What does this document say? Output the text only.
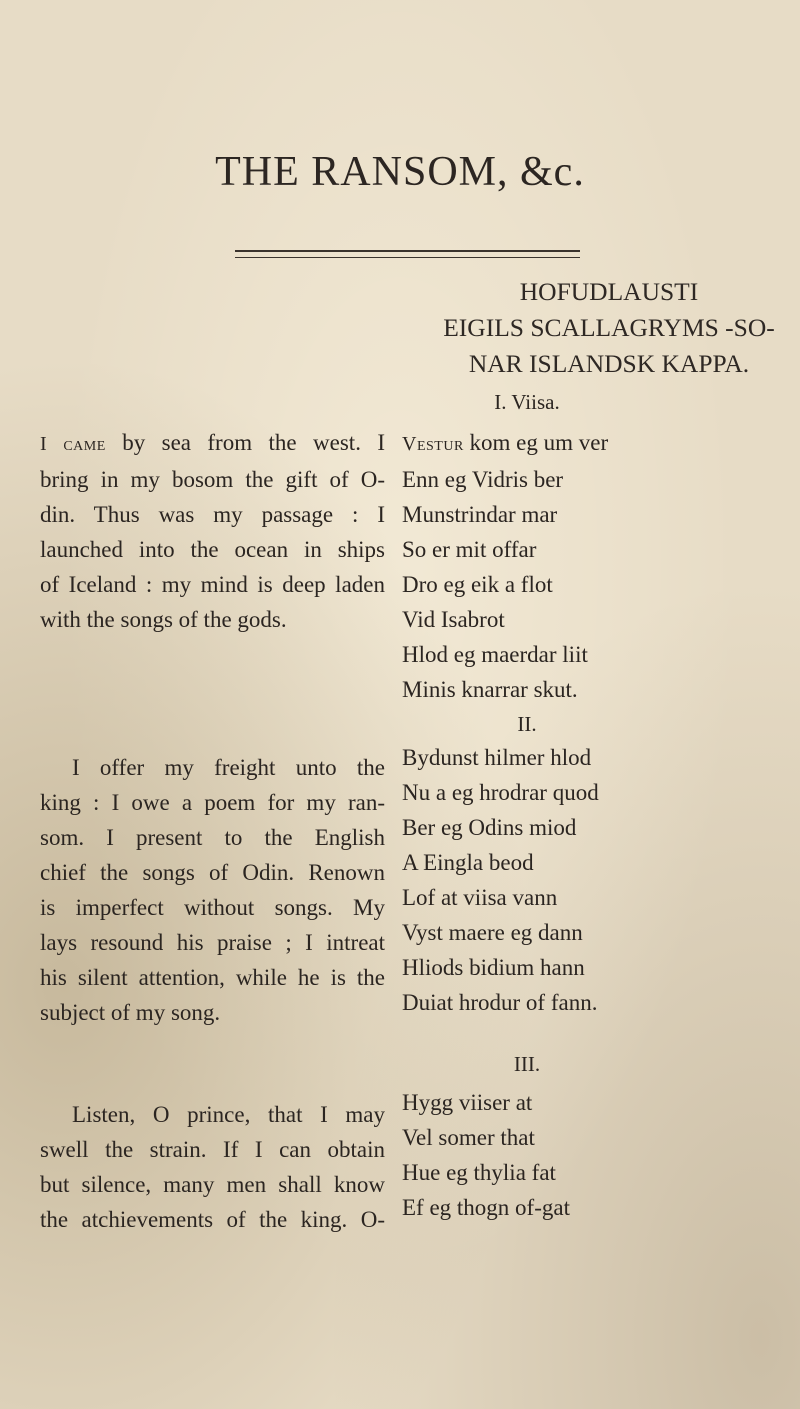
THE RANSOM, &c.
HOFUDLAUSTI
EIGILS SCALLAGRYMS -SO-
NAR ISLANDSK KAPPA.
I. Viisa.
I came by sea from the west. I
bring in my bosom the gift of O-
din. Thus was my passage : I
launched into the ocean in ships
of Iceland : my mind is deep laden
with the songs of the gods.
Vestur kom eg um ver
Enn eg Vidris ber
Munstrindar mar
So er mit offar
Dro eg eik a flot
Vid Isabrot
Hlod eg maerdar liit
Minis knarrar skut.
II.
I offer my freight unto the
king : I owe a poem for my ran-
som. I present to the English
chief the songs of Odin. Renown
is imperfect without songs. My
lays resound his praise ; I intreat
his silent attention, while he is the
subject of my song.
Bydunst hilmer hlod
Nu a eg hrodrar quod
Ber eg Odins miod
A Eingla beod
Lof at viisa vann
Vyst maere eg dann
Hliods bidium hann
Duiat hrodur of fann.
III.
Listen, O prince, that I may
swell the strain. If I can obtain
but silence, many men shall know
the atchievements of the king. O-
Hygg viiser at
Vel somer that
Hue eg thylia fat
Ef eg thogn of-gat
